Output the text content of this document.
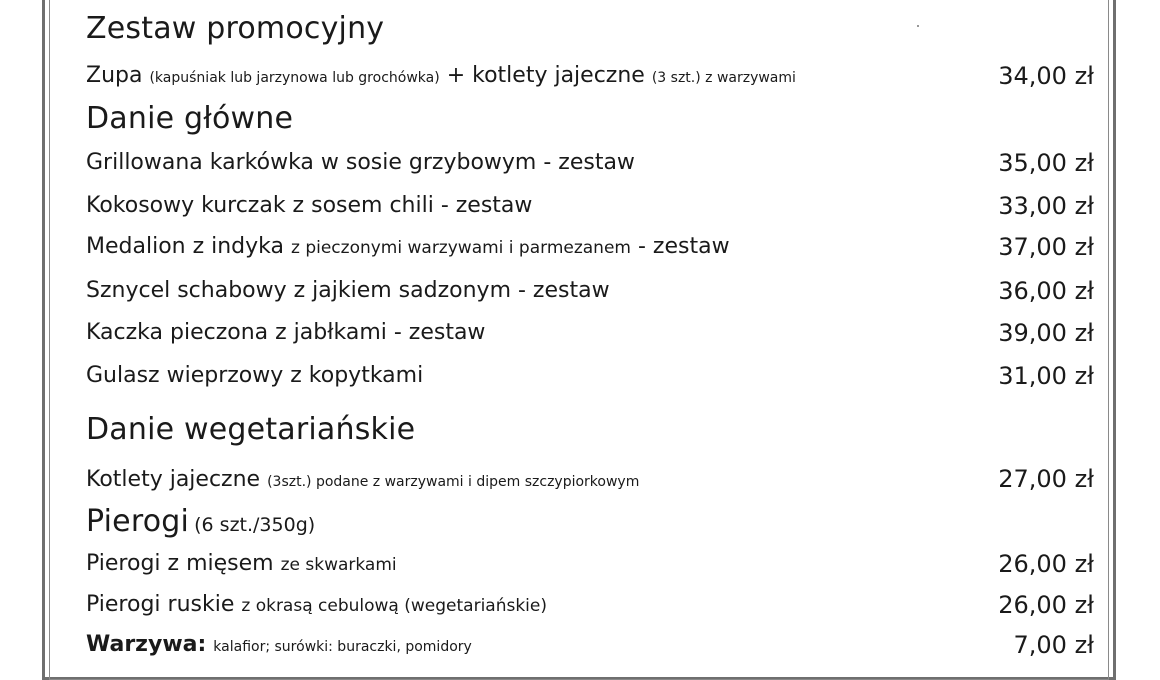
Zestaw promocyjny
Zupa (kapuśniak lub jarzynowa lub grochówka) + kotlety jajeczne (3 szt.) z warzywami	34,00 zł
Danie główne
Grillowana karkówka w sosie grzybowym - zestaw	35,00 zł
Kokosowy kurczak z sosem chili - zestaw	33,00 zł
Medalion z indyka z pieczonymi warzywami i parmezanem - zestaw	37,00 zł
Sznycel schabowy z jajkiem sadzonym - zestaw	36,00 zł
Kaczka pieczona z jabłkami - zestaw	39,00 zł
Gulasz wieprzowy z kopytkami	31,00 zł
Danie wegetariańskie
Kotlety jajeczne (3szt.) podane z warzywami i dipem szczypiorkowym	27,00 zł
Pierogi (6 szt./350g)
Pierogi z mięsem ze skwarkami	26,00 zł
Pierogi ruskie z okrasą cebulową (wegetariańskie)	26,00 zł
Warzywa: kalafior; surówki: buraczki, pomidory	7,00 zł
